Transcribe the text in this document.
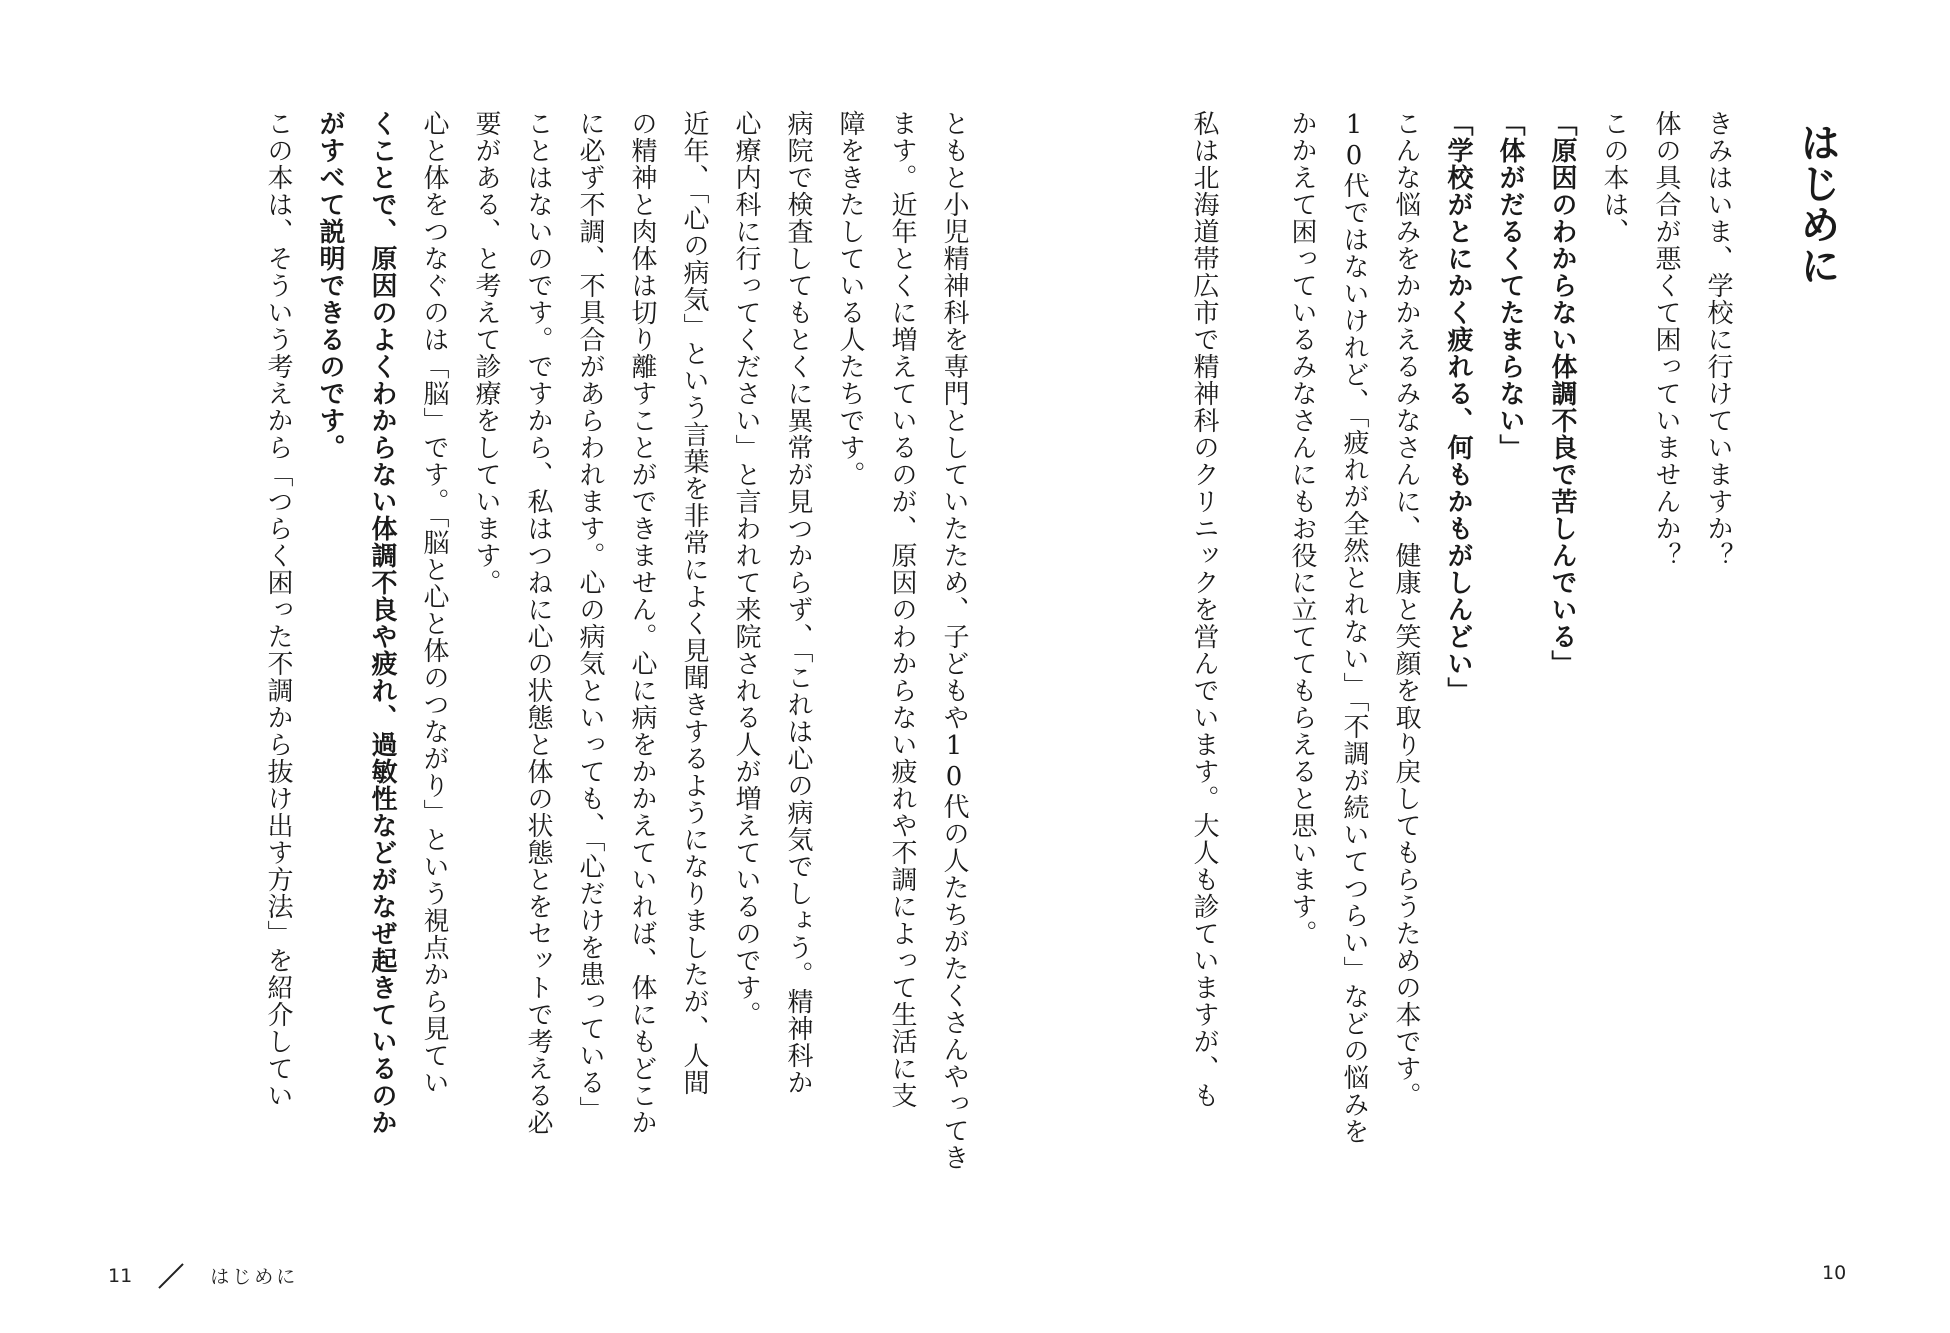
はじめに
きみはいま、学校に行けていますか？
体の具合が悪くて困っていませんか？
この本は、
「原因のわからない体調不良で苦しんでいる」
「体がだるくてたまらない」
「学校がとにかく疲れる、何もかもがしんどい」
こんな悩みをかかえるみなさんに、健康と笑顔を取り戻してもらうための本です。
10代ではないけれど、「疲れが全然とれない」「不調が続いてつらい」などの悩みを
かかえて困っているみなさんにもお役に立ててもらえると思います。
私は北海道帯広市で精神科のクリニックを営んでいます。大人も診ていますが、も
ともと小児精神科を専門としていたため、子どもや10代の人たちがたくさんやってき
ます。近年とくに増えているのが、原因のわからない疲れや不調によって生活に支
障をきたしている人たちです。
病院で検査してもとくに異常が見つからず、「これは心の病気でしょう。精神科か
心療内科に行ってください」と言われて来院される人が増えているのです。
近年、「心の病気」という言葉を非常によく見聞きするようになりましたが、人間
の精神と肉体は切り離すことができません。心に病をかかえていれば、体にもどこか
に必ず不調、不具合があらわれます。心の病気といっても、「心だけを患っている」
ことはないのです。ですから、私はつねに心の状態と体の状態とをセットで考える必
要がある、と考えて診療をしています。
心と体をつなぐのは「脳」です。「脳と心と体のつながり」という視点から見てい
くことで、原因のよくわからない体調不良や疲れ、過敏性などがなぜ起きているのか
がすべて説明できるのです。
この本は、そういう考えから「つらく困った不調から抜け出す方法」を紹介してい
11	はじめに	10
